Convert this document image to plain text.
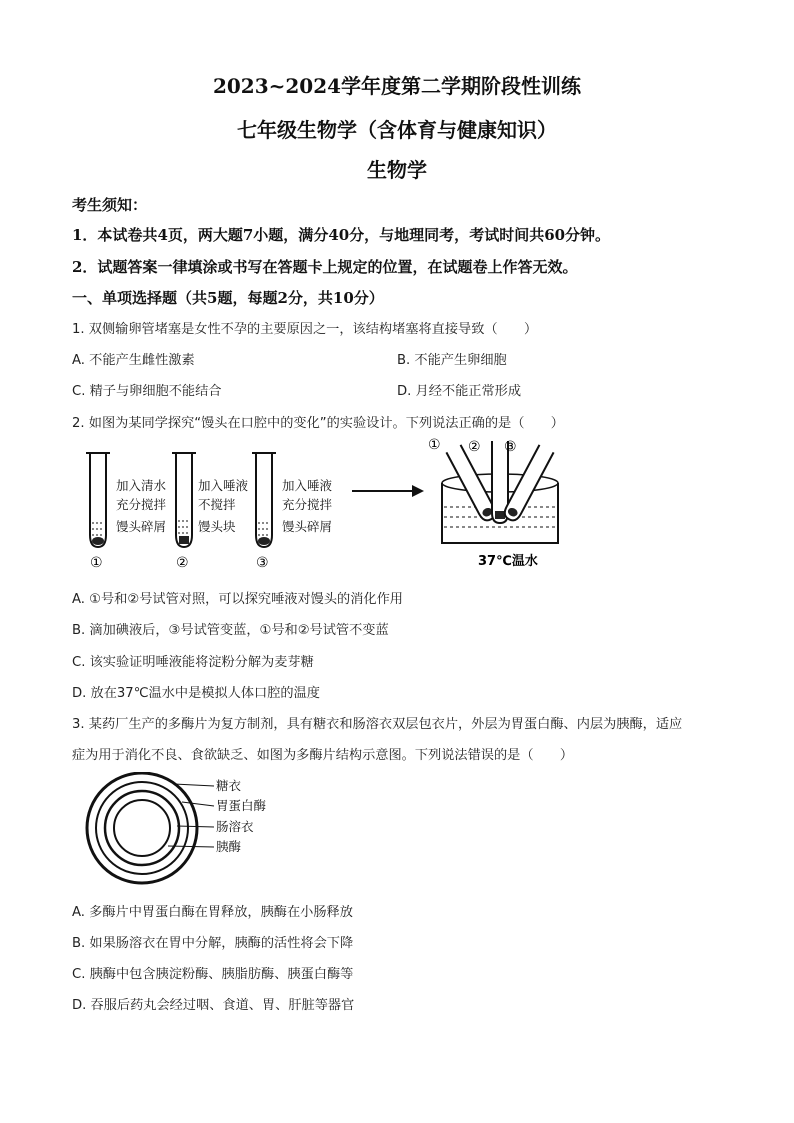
2023~2024学年度第二学期阶段性训练
七年级生物学（含体育与健康知识）
生物学
考生须知：
1．本试卷共4页，两大题7小题，满分40分，与地理同考，考试时间共60分钟。
2．试题答案一律填涂或书写在答题卡上规定的位置，在试题卷上作答无效。
一、单项选择题（共5题，每题2分，共10分）
1. 双侧输卵管堵塞是女性不孕的主要原因之一，该结构堵塞将直接导致（　　）
A. 不能产生雌性激素	B. 不能产生卵细胞
C. 精子与卵细胞不能结合	D. 月经不能正常形成
2. 如图为某同学探究“馒头在口腔中的变化”的实验设计。下列说法正确的是（　　）
加入清水
充分搅拌
馒头碎屑
①
加入唾液
不搅拌
馒头块
②
加入唾液
充分搅拌
馒头碎屑
③
① ② ③
37℃温水
A. ①号和②号试管对照，可以探究唾液对馒头的消化作用
B. 滴加碘液后，③号试管变蓝，①号和②号试管不变蓝
C. 该实验证明唾液能将淀粉分解为麦芽糖
D. 放在37℃温水中是模拟人体口腔的温度
3. 某药厂生产的多酶片为复方制剂，具有糖衣和肠溶衣双层包衣片，外层为胃蛋白酶、内层为胰酶，适应
症为用于消化不良、食欲缺乏、如图为多酶片结构示意图。下列说法错误的是（　　）
糖衣
胃蛋白酶
肠溶衣
胰酶
A. 多酶片中胃蛋白酶在胃释放，胰酶在小肠释放
B. 如果肠溶衣在胃中分解，胰酶的活性将会下降
C. 胰酶中包含胰淀粉酶、胰脂肪酶、胰蛋白酶等
D. 吞服后药丸会经过咽、食道、胃、肝脏等器官
